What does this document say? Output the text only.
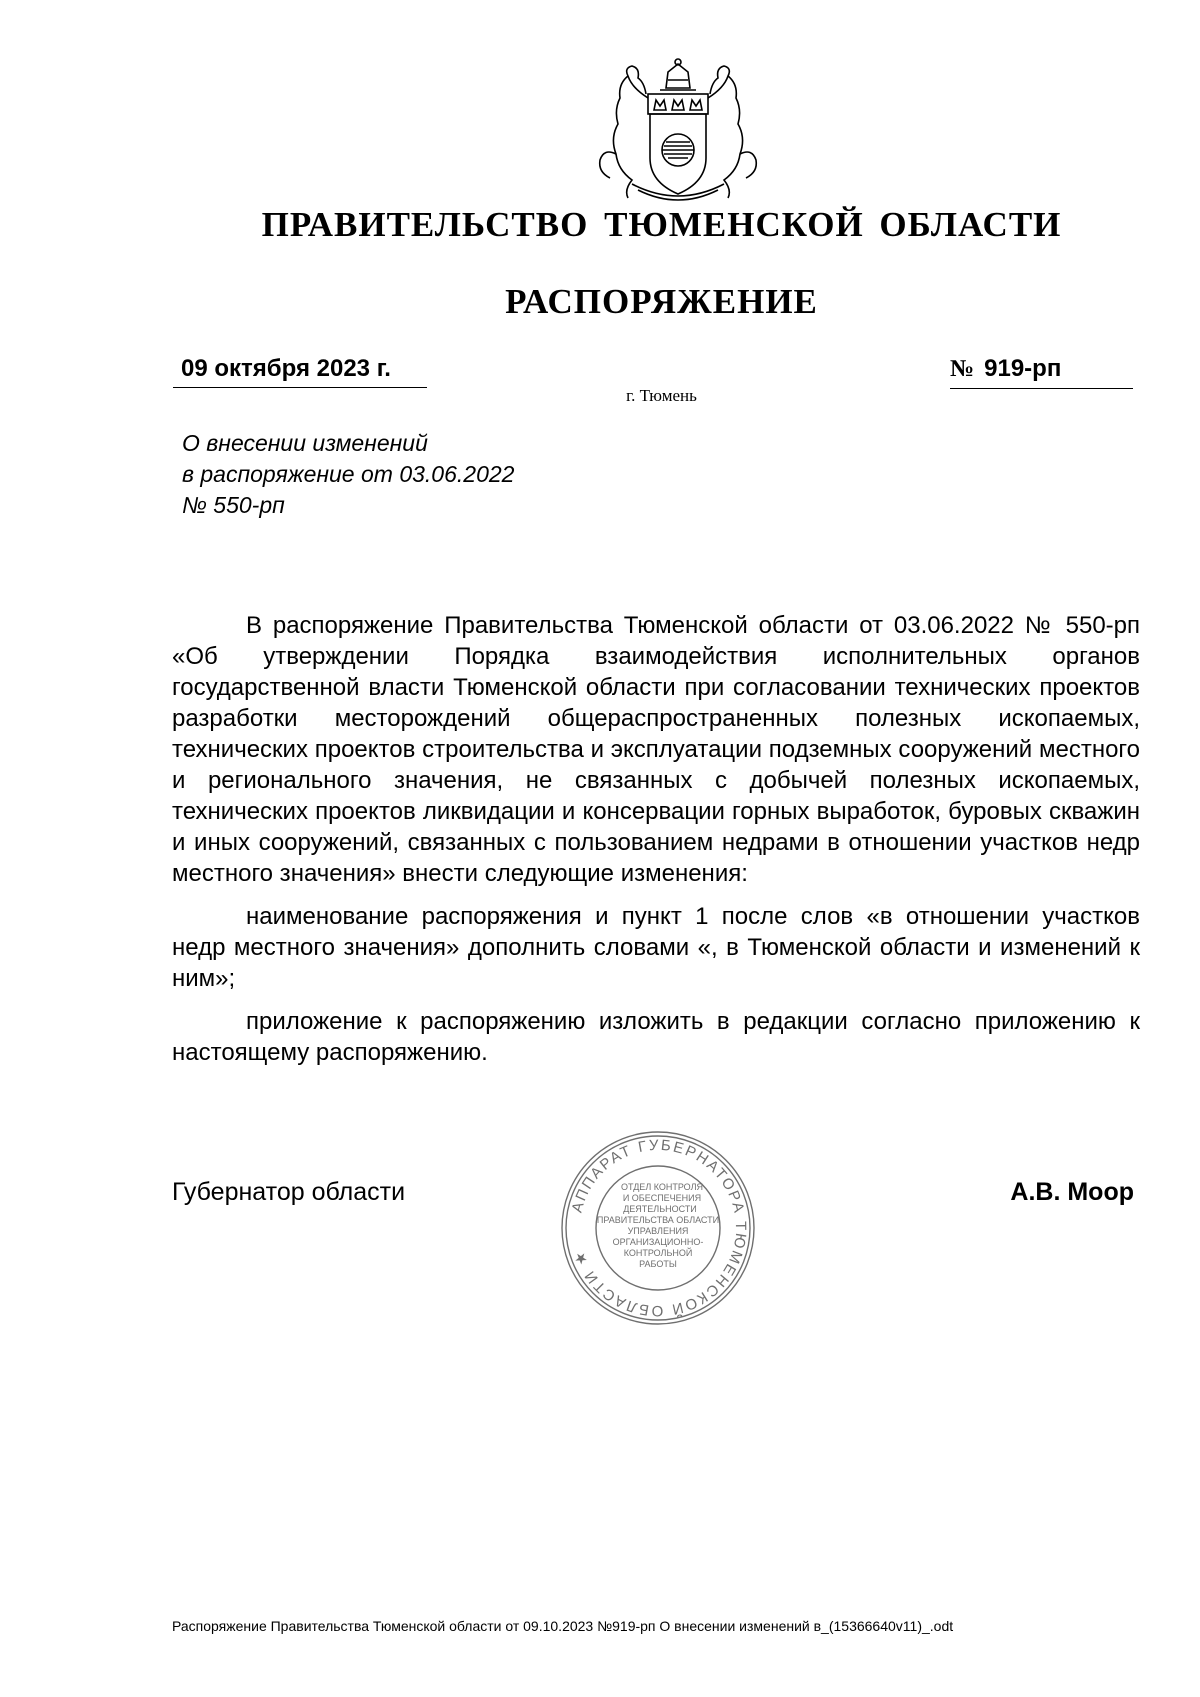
ПРАВИТЕЛЬСТВО ТЮМЕНСКОЙ ОБЛАСТИ
РАСПОРЯЖЕНИЕ
09 октября 2023 г.	№ 919-рп
г. Тюмень
О внесении изменений
в распоряжение от 03.06.2022
№ 550-рп

В распоряжение Правительства Тюменской области от 03.06.2022 № 550-рп «Об утверждении Порядка взаимодействия исполнительных органов государственной власти Тюменской области при согласовании технических проектов разработки месторождений общераспространенных полезных ископаемых, технических проектов строительства и эксплуатации подземных сооружений местного и регионального значения, не связанных с добычей полезных ископаемых, технических проектов ликвидации и консервации горных выработок, буровых скважин и иных сооружений, связанных с пользованием недрами в отношении участков недр местного значения» внести следующие изменения:

наименование распоряжения и пункт 1 после слов «в отношении участков недр местного значения» дополнить словами «, в Тюменской области и изменений к ним»;

приложение к распоряжению изложить в редакции согласно приложению к настоящему распоряжению.

Губернатор области	А.В. Моор
АППАРАТ ГУБЕРНАТОРА ТЮМЕНСКОЙ ОБЛАСТИ ★
ОТДЕЛ КОНТРОЛЯ
И ОБЕСПЕЧЕНИЯ
ДЕЯТЕЛЬНОСТИ
ПРАВИТЕЛЬСТВА ОБЛАСТИ
УПРАВЛЕНИЯ
ОРГАНИЗАЦИОННО-
КОНТРОЛЬНОЙ
РАБОТЫ
Распоряжение Правительства Тюменской области от 09.10.2023 №919-рп О внесении изменений в_(15366640v11)_.odt
